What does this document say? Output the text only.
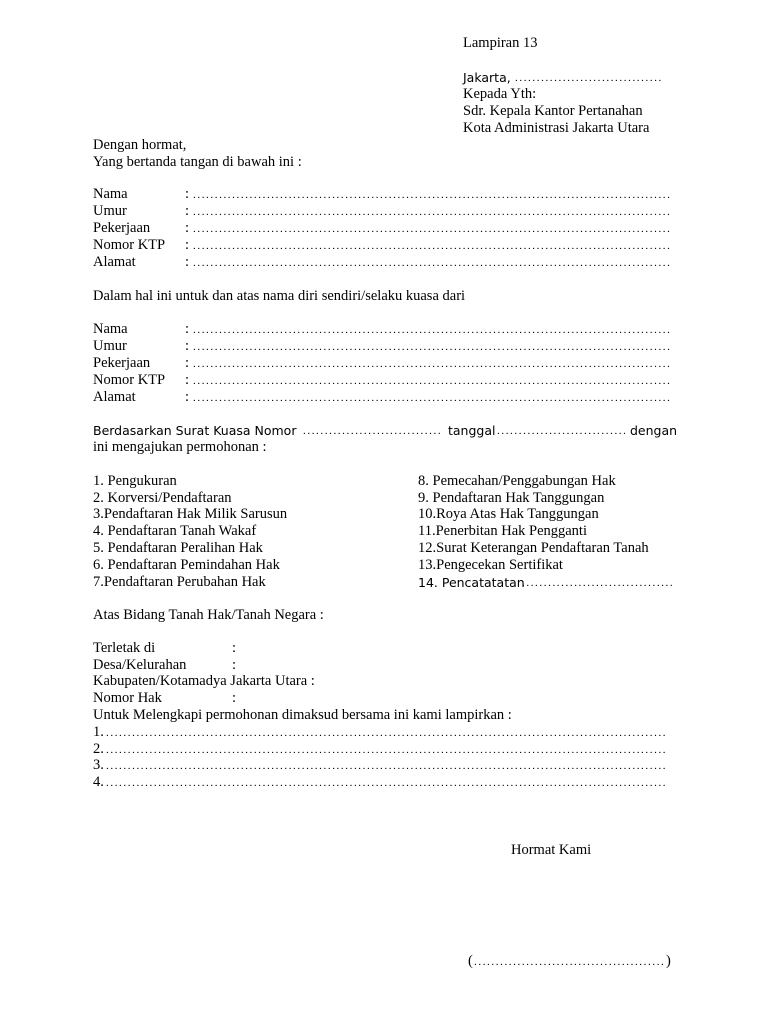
Lampiran 13
Jakarta,
.....
Kepada Yth:
Sdr. Kepala Kantor Pertanahan
Kota Administrasi Jakarta Utara
Dengan hormat,
Yang bertanda tangan di bawah ini :
Nama	:
.....
Umur	:
.....
Pekerjaan :
.....
Nomor KTP :
.....
Alamat	:
.....
Dalam hal ini untuk dan atas nama diri sendiri/selaku kuasa dari
Nama	:
.....
Umur	:
.....
Pekerjaan :
.....
Nomor KTP :
.....
Alamat	:
.....
Berdasarkan Surat Kuasa Nomor .....	tanggal .....	dengan
ini mengajukan permohonan :
1. Pengukuran
2. Korversi/Pendaftaran
3.Pendaftaran Hak Milik Sarusun
4. Pendaftaran Tanah Wakaf
5. Pendaftaran Peralihan Hak
6. Pendaftaran Pemindahan Hak
7.Pendaftaran Perubahan Hak
8. Pemecahan/Penggabungan Hak
9. Pendaftaran Hak Tanggungan
10.Roya Atas Hak Tanggungan
11.Penerbitan Hak Pengganti
12.Surat Keterangan Pendaftaran Tanah
13.Pengecekan Sertifikat
14. Pencatatatan
.....
Atas Bidang Tanah Hak/Tanah Negara :
Terletak di	:
Desa/Kelurahan	:
Kabupaten/Kotamadya Jakarta Utara :
Nomor Hak	:
Untuk Melengkapi permohonan dimaksud bersama ini kami lampirkan :
1.
.....
2.
.....
3.
.....
4.
.....
Hormat Kami
( .....	)
